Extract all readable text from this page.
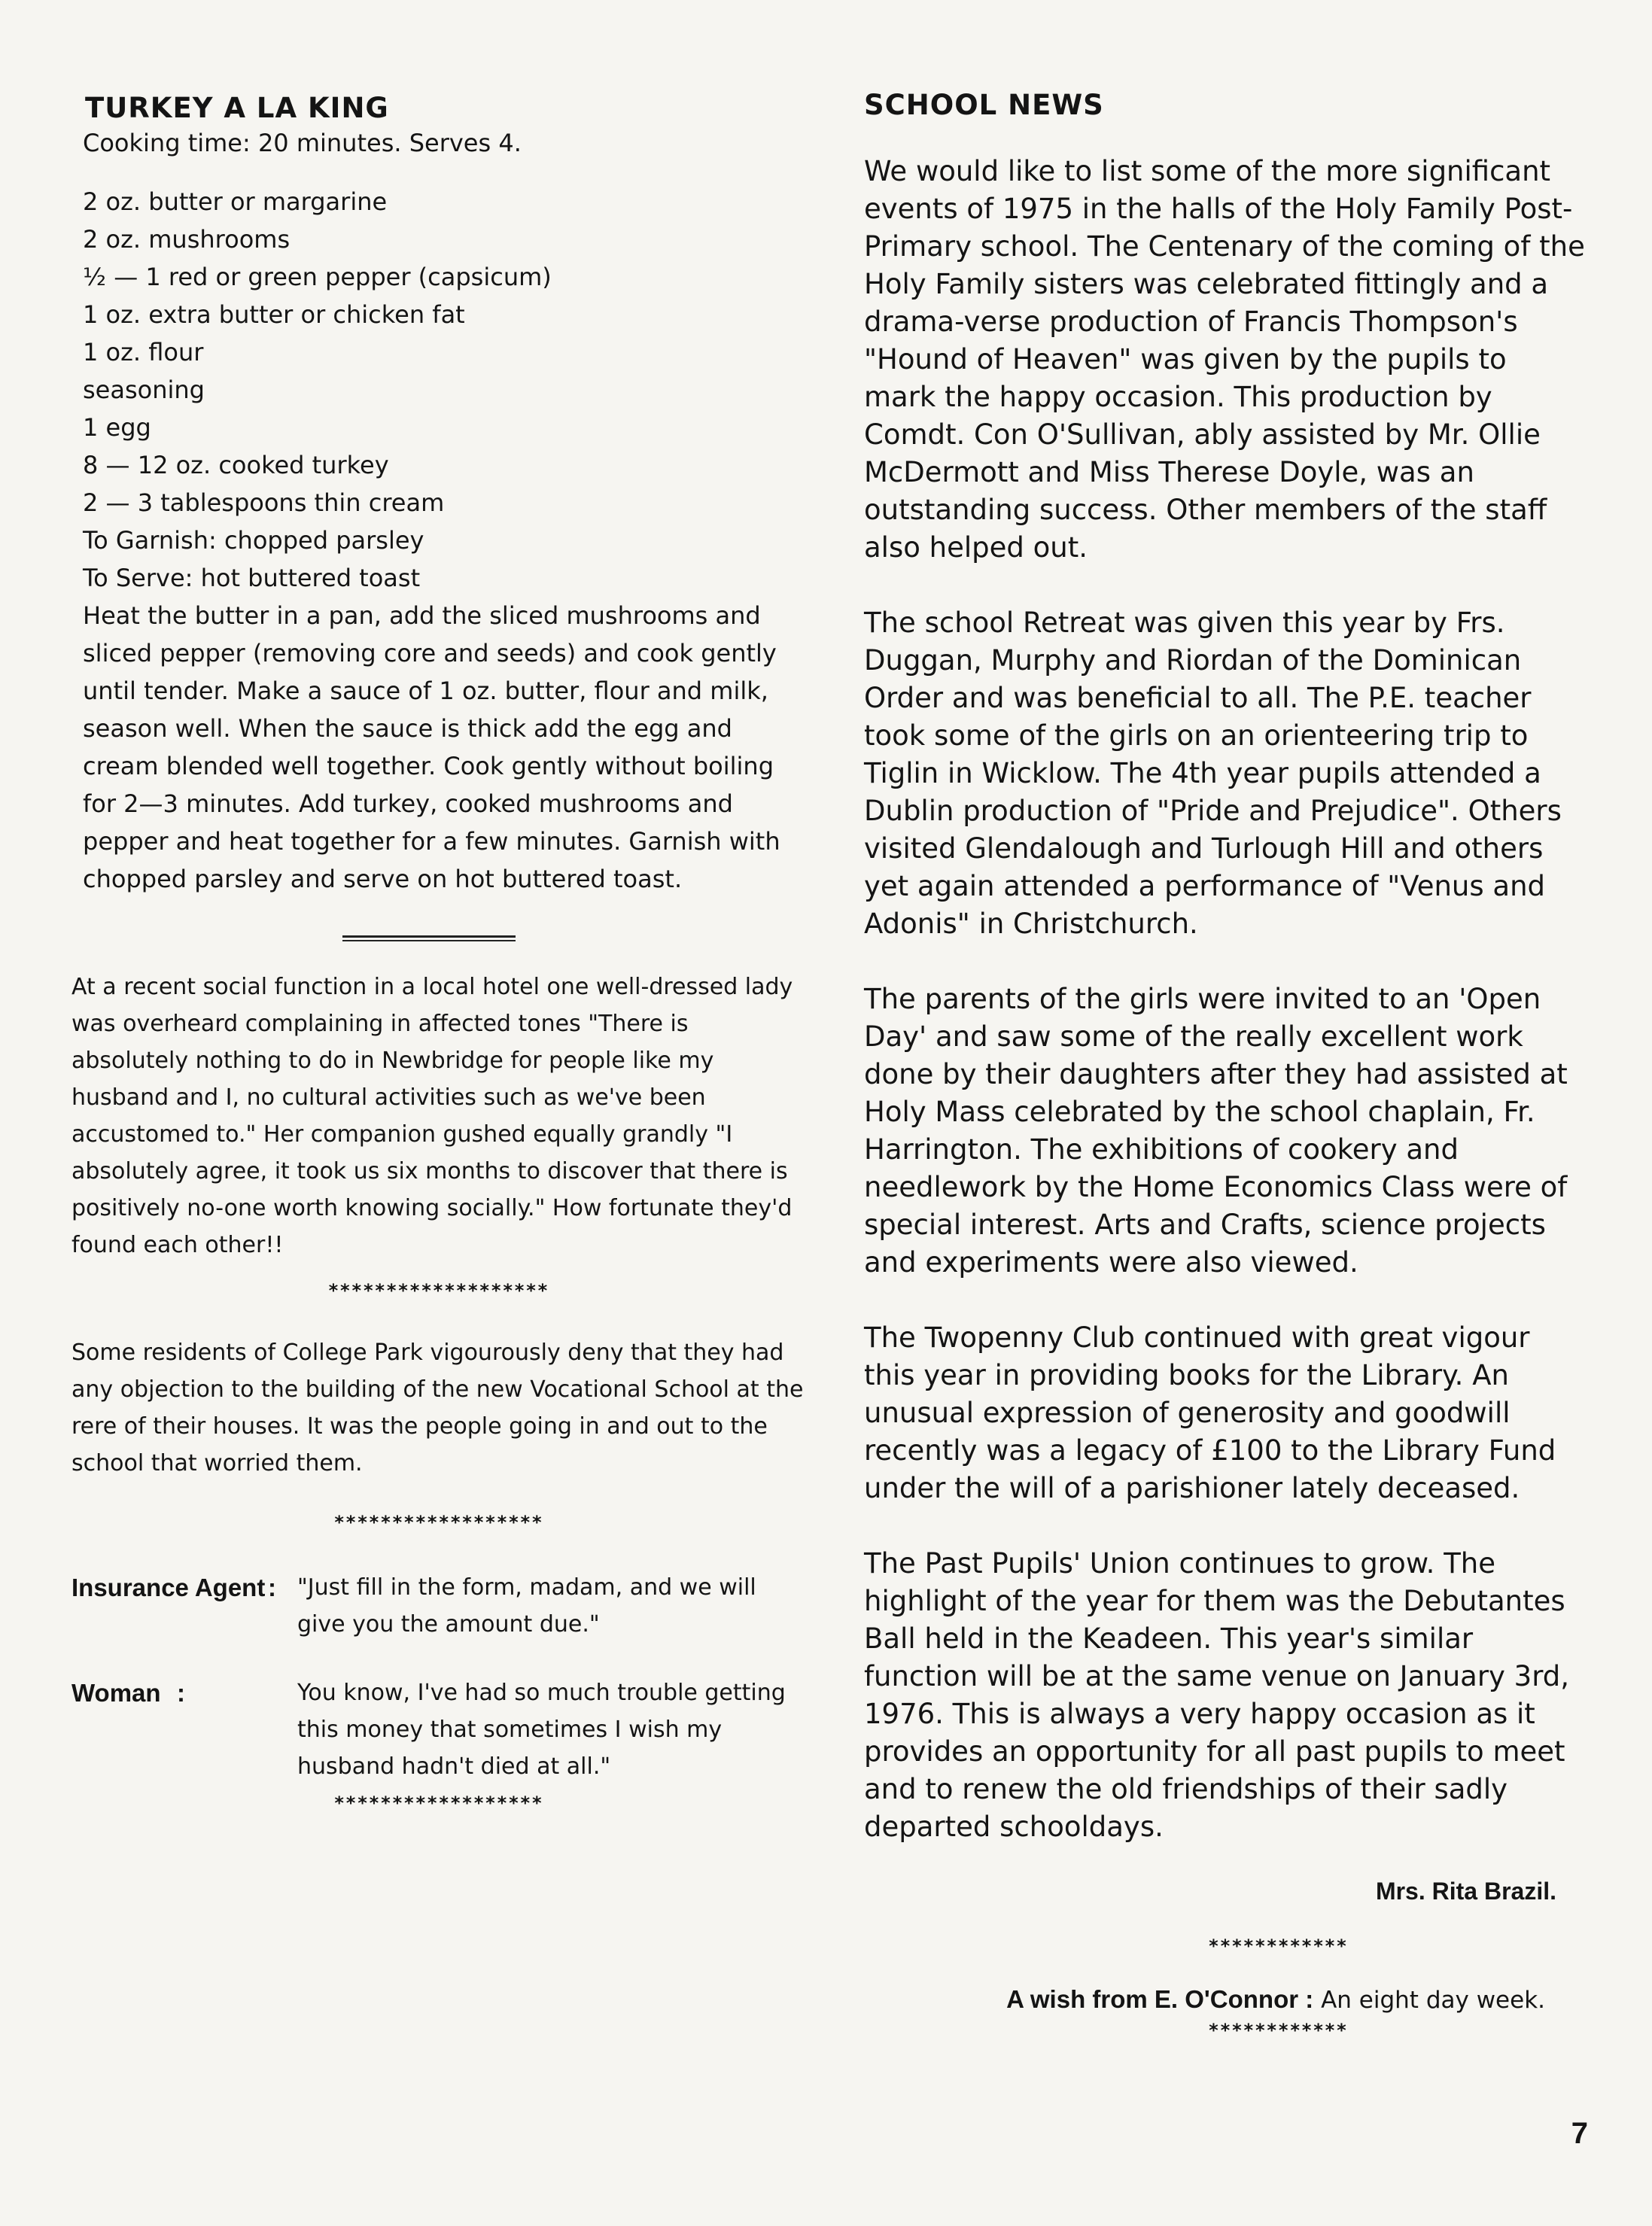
TURKEY A LA KING

Cooking time: 20 minutes. Serves 4.

2 oz. butter or margarine
2 oz. mushrooms
½ — 1 red or green pepper (capsicum)
1 oz. extra butter or chicken fat
1 oz. flour
seasoning
1 egg
8 — 12 oz. cooked turkey
2 — 3 tablespoons thin cream
To Garnish: chopped parsley
To Serve: hot buttered toast

Heat the butter in a pan, add the sliced mushrooms and sliced pepper (removing core and seeds) and cook gently until tender. Make a sauce of 1 oz. butter, flour and milk, season well. When the sauce is thick add the egg and cream blended well together. Cook gently without boiling for 2—3 minutes. Add turkey, cooked mushrooms and pepper and heat together for a few minutes. Garnish with chopped parsley and serve on hot buttered toast.

At a recent social function in a local hotel one well-dressed lady was overheard complaining in affected tones "There is absolutely nothing to do in Newbridge for people like my husband and I, no cultural activities such as we've been accustomed to." Her companion gushed equally grandly "I absolutely agree, it took us six months to discover that there is positively no-one worth knowing socially." How fortunate they'd found each other!!

*******************

Some residents of College Park vigourously deny that they had any objection to the building of the new Vocational School at the rere of their houses. It was the people going in and out to the school that worried them.

******************
Insurance Agent : "Just fill in the form, madam, and we will give you the amount due."
Woman :	You know, I've had so much trouble getting this money that sometimes I wish my husband hadn't died at all."
******************
SCHOOL NEWS

We would like to list some of the more significant events of 1975 in the halls of the Holy Family Post-Primary school. The Centenary of the coming of the Holy Family sisters was celebrated fittingly and a drama-verse production of Francis Thompson's "Hound of Heaven" was given by the pupils to mark the happy occasion. This production by Comdt. Con O'Sullivan, ably assisted by Mr. Ollie McDermott and Miss Therese Doyle, was an outstanding success. Other members of the staff also helped out.

The school Retreat was given this year by Frs. Duggan, Murphy and Riordan of the Dominican Order and was beneficial to all. The P.E. teacher took some of the girls on an orienteering trip to Tiglin in Wicklow. The 4th year pupils attended a Dublin production of "Pride and Prejudice". Others visited Glendalough and Turlough Hill and others yet again attended a performance of "Venus and Adonis" in Christchurch.

The parents of the girls were invited to an 'Open Day' and saw some of the really excellent work done by their daughters after they had assisted at Holy Mass celebrated by the school chaplain, Fr. Harrington. The exhibitions of cookery and needlework by the Home Economics Class were of special interest. Arts and Crafts, science projects and experiments were also viewed.

The Twopenny Club continued with great vigour this year in providing books for the Library. An unusual expression of generosity and goodwill recently was a legacy of £100 to the Library Fund under the will of a parishioner lately deceased.

The Past Pupils' Union continues to grow. The highlight of the year for them was the Debutantes Ball held in the Keadeen. This year's similar function will be at the same venue on January 3rd, 1976. This is always a very happy occasion as it provides an opportunity for all past pupils to meet and to renew the old friendships of their sadly departed schooldays.

Mrs. Rita Brazil.
************
A wish from E. O'Connor : An eight day week.
************
7
